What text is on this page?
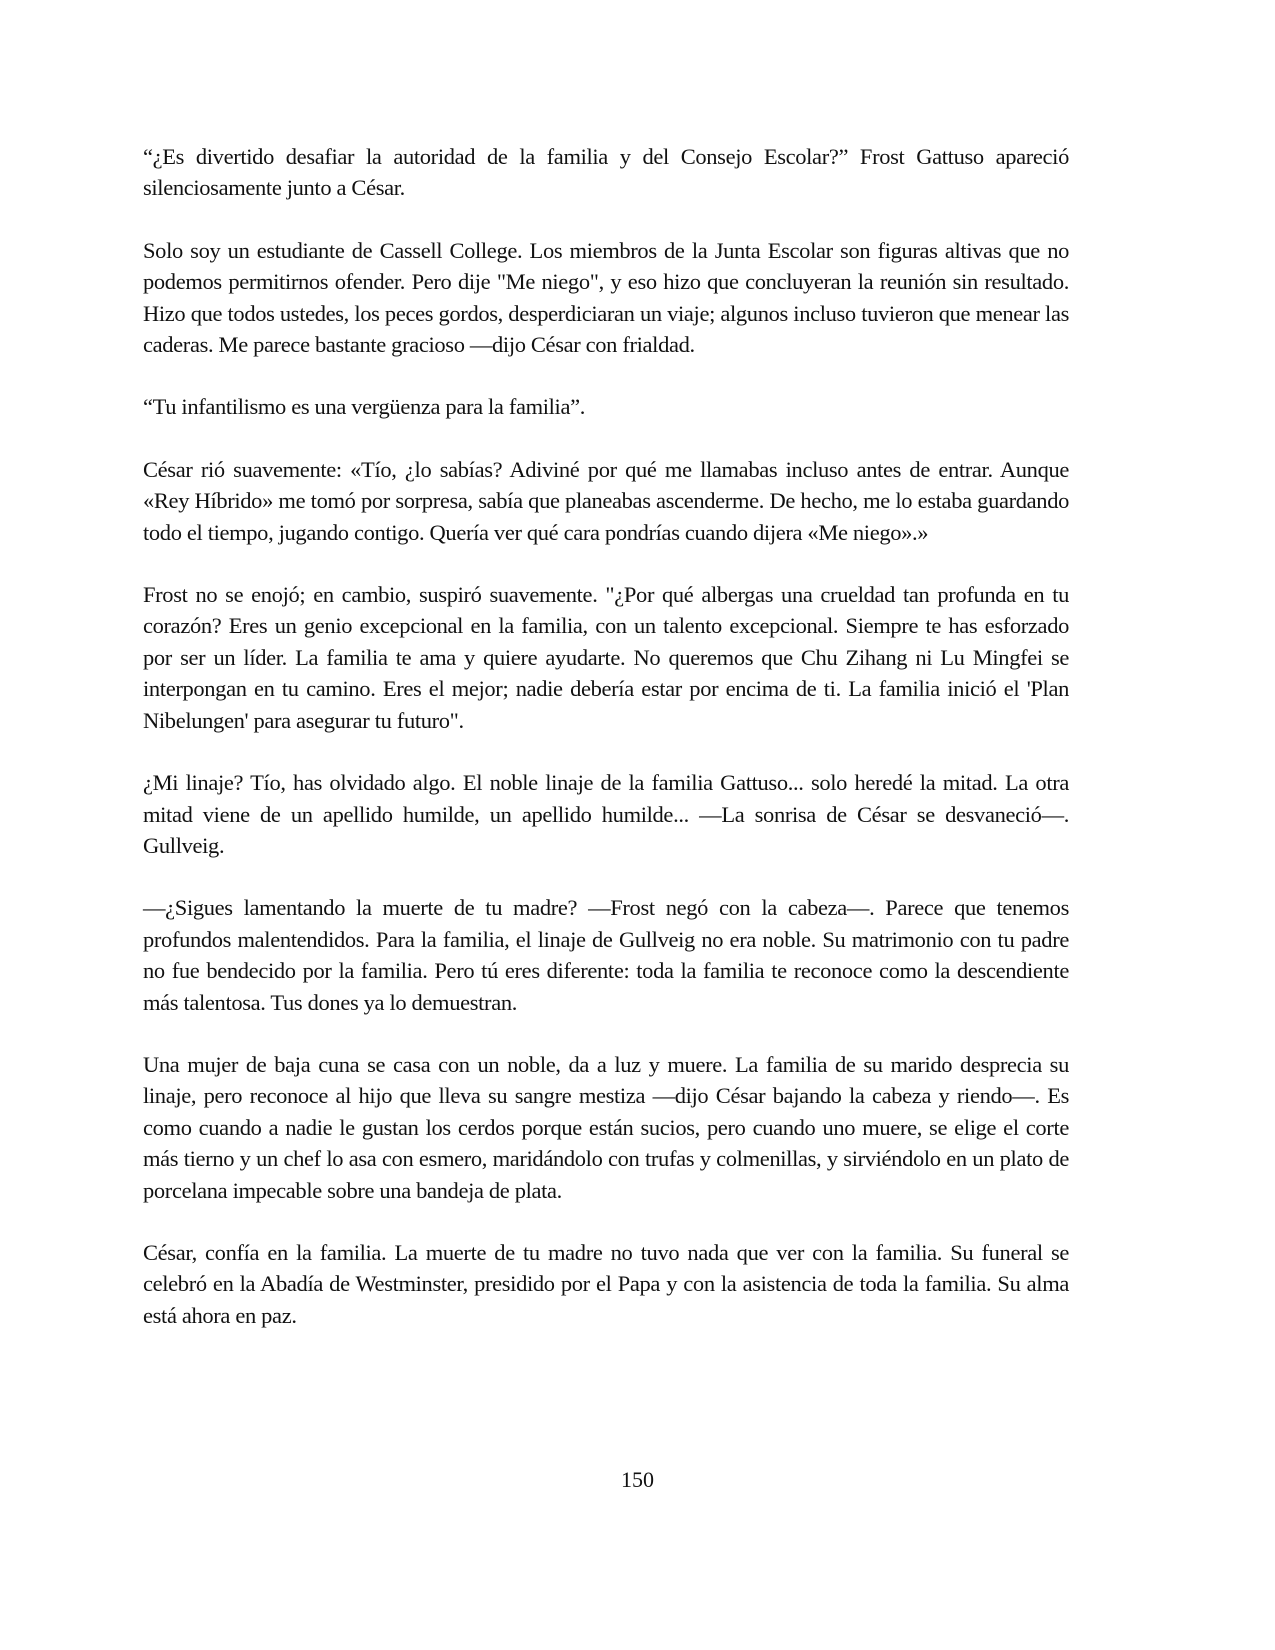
“¿Es divertido desafiar la autoridad de la familia y del Consejo Escolar?” Frost Gattuso apareció silenciosamente junto a César.

Solo soy un estudiante de Cassell College. Los miembros de la Junta Escolar son figuras altivas que no podemos permitirnos ofender. Pero dije "Me niego", y eso hizo que concluyeran la reunión sin resultado. Hizo que todos ustedes, los peces gordos, desperdiciaran un viaje; algunos incluso tuvieron que menear las caderas. Me parece bastante gracioso —dijo César con frialdad.

“Tu infantilismo es una vergüenza para la familia”.

César rió suavemente: «Tío, ¿lo sabías? Adiviné por qué me llamabas incluso antes de entrar. Aunque «Rey Híbrido» me tomó por sorpresa, sabía que planeabas ascenderme. De hecho, me lo estaba guardando todo el tiempo, jugando contigo. Quería ver qué cara pondrías cuando dijera «Me niego».»

Frost no se enojó; en cambio, suspiró suavemente. "¿Por qué albergas una crueldad tan profunda en tu corazón? Eres un genio excepcional en la familia, con un talento excepcional. Siempre te has esforzado por ser un líder. La familia te ama y quiere ayudarte. No queremos que Chu Zihang ni Lu Mingfei se interpongan en tu camino. Eres el mejor; nadie debería estar por encima de ti. La familia inició el 'Plan Nibelungen' para asegurar tu futuro".

¿Mi linaje? Tío, has olvidado algo. El noble linaje de la familia Gattuso... solo heredé la mitad. La otra mitad viene de un apellido humilde, un apellido humilde... —La sonrisa de César se desvaneció—. Gullveig.

—¿Sigues lamentando la muerte de tu madre? —Frost negó con la cabeza—. Parece que tenemos profundos malentendidos. Para la familia, el linaje de Gullveig no era noble. Su matrimonio con tu padre no fue bendecido por la familia. Pero tú eres diferente: toda la familia te reconoce como la descendiente más talentosa. Tus dones ya lo demuestran.

Una mujer de baja cuna se casa con un noble, da a luz y muere. La familia de su marido desprecia su linaje, pero reconoce al hijo que lleva su sangre mestiza —dijo César bajando la cabeza y riendo—. Es como cuando a nadie le gustan los cerdos porque están sucios, pero cuando uno muere, se elige el corte más tierno y un chef lo asa con esmero, maridándolo con trufas y colmenillas, y sirviéndolo en un plato de porcelana impecable sobre una bandeja de plata.

César, confía en la familia. La muerte de tu madre no tuvo nada que ver con la familia. Su funeral se celebró en la Abadía de Westminster, presidido por el Papa y con la asistencia de toda la familia. Su alma está ahora en paz.

150
